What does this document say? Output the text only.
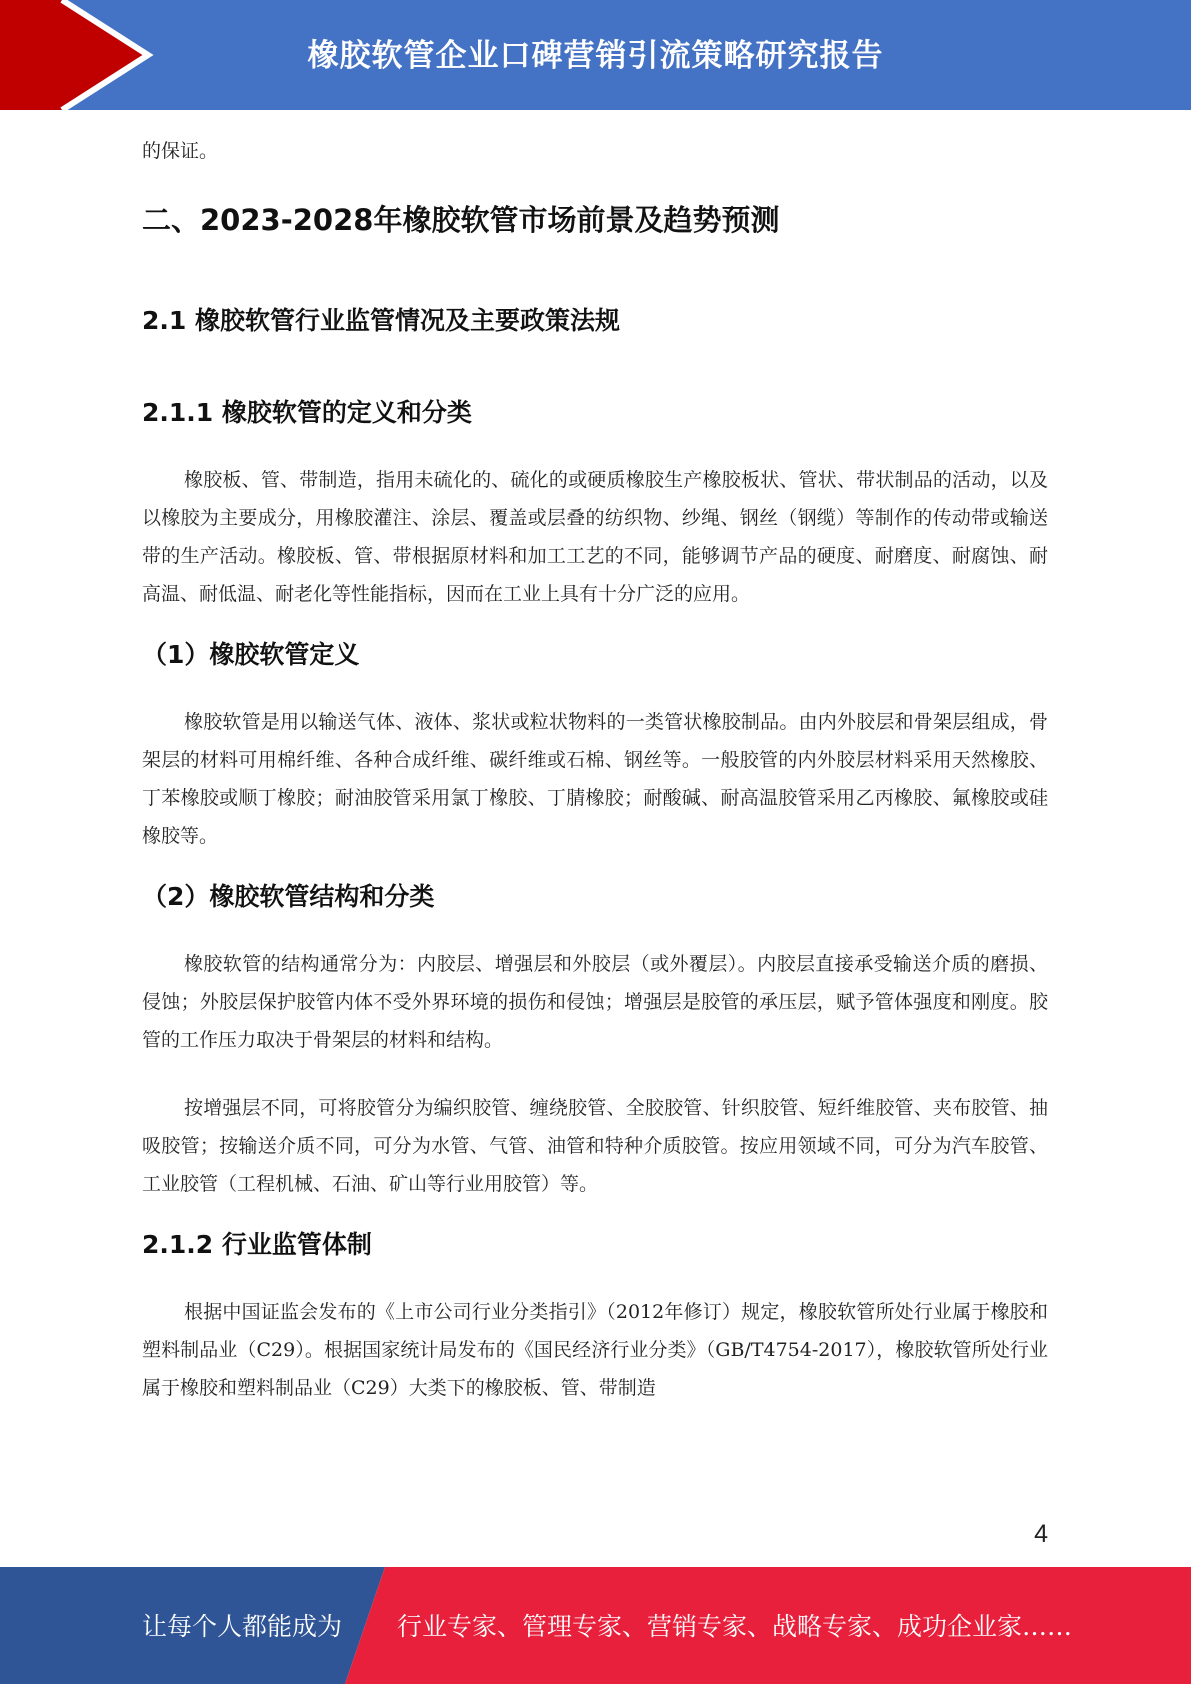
橡胶软管企业口碑营销引流策略研究报告

的保证。

二、2023-2028年橡胶软管市场前景及趋势预测
2.1 橡胶软管行业监管情况及主要政策法规
2.1.1 橡胶软管的定义和分类

橡胶板、管、带制造，指用未硫化的、硫化的或硬质橡胶生产橡胶板状、管状、带状制品的活动，以及以橡胶为主要成分，用橡胶灌注、涂层、覆盖或层叠的纺织物、纱绳、钢丝（钢缆）等制作的传动带或输送带的生产活动。橡胶板、管、带根据原材料和加工工艺的不同，能够调节产品的硬度、耐磨度、耐腐蚀、耐高温、耐低温、耐老化等性能指标，因而在工业上具有十分广泛的应用。

（1）橡胶软管定义

橡胶软管是用以输送气体、液体、浆状或粒状物料的一类管状橡胶制品。由内外胶层和骨架层组成，骨架层的材料可用棉纤维、各种合成纤维、碳纤维或石棉、钢丝等。一般胶管的内外胶层材料采用天然橡胶、丁苯橡胶或顺丁橡胶；耐油胶管采用氯丁橡胶、丁腈橡胶；耐酸碱、耐高温胶管采用乙丙橡胶、氟橡胶或硅橡胶等。

（2）橡胶软管结构和分类

橡胶软管的结构通常分为：内胶层、增强层和外胶层（或外覆层）。内胶层直接承受输送介质的磨损、侵蚀；外胶层保护胶管内体不受外界环境的损伤和侵蚀；增强层是胶管的承压层，赋予管体强度和刚度。胶管的工作压力取决于骨架层的材料和结构。

按增强层不同，可将胶管分为编织胶管、缠绕胶管、全胶胶管、针织胶管、短纤维胶管、夹布胶管、抽吸胶管；按输送介质不同，可分为水管、气管、油管和特种介质胶管。按应用领域不同，可分为汽车胶管、工业胶管（工程机械、石油、矿山等行业用胶管）等。

2.1.2 行业监管体制

根据中国证监会发布的《上市公司行业分类指引》（2012年修订）规定，橡胶软管所处行业属于橡胶和塑料制品业（C29）。根据国家统计局发布的《国民经济行业分类》（GB/T4754-2017），橡胶软管所处行业属于橡胶和塑料制品业（C29）大类下的橡胶板、管、带制造

4
让每个人都能成为 行业专家、管理专家、营销专家、战略专家、成功企业家……
